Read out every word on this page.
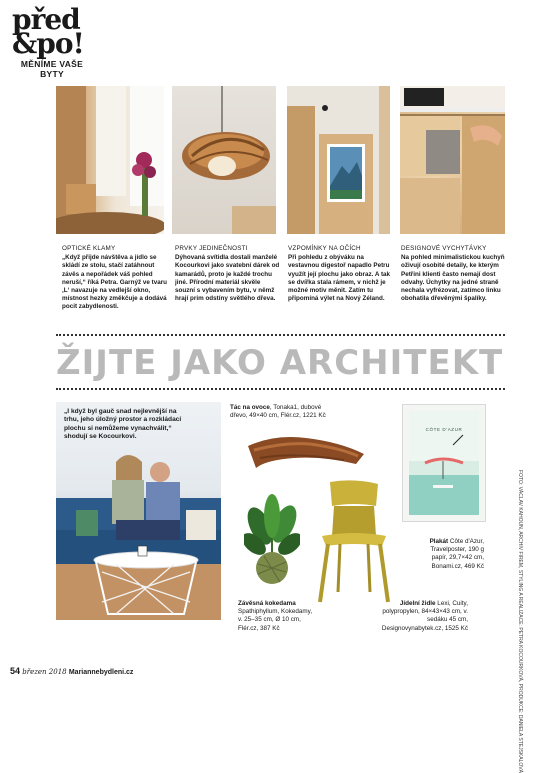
před
&po!
MĚNÍME VAŠE BYTY
OPTICKÉ KLAMY
„Když přijde návštěva a jídlo se skládí ze stolu, stačí zatáhnout závěs a nepořádek váš pohled neruší,“ říká Petra. Garnýž ve tvaru ‚L‘ navazuje na vedlejší okno, místnost hezky změkčuje a dodává pocit zabydlenosti.
PRVKY JEDINEČNOSTI
Dýhovaná svítidla dostali manželé Kocourkovi jako svatební dárek od kamarádů, proto je každé trochu jiné. Přírodní materiál skvěle souzní s vybavením bytu, v němž hrají prim odstíny světlého dřeva.
VZPOMÍNKY NA OČÍCH
Při pohledu z obýváku na vestavnou digestoř napadlo Petru využít její plochu jako obraz. A tak se dvířka stala rámem, v nichž je možné motiv měnit. Zatím tu připomíná výlet na Nový Zéland.
DESIGNOVÉ VYCHYTÁVKY
Na pohled minimalistickou kuchyň oživují osobité detaily, ke kterým Petřini klienti často nemají dost odvahy. Úchytky na jedné straně nechala vyfrézovat, zatímco linku obohatila dřevěnými špalíky.
ŽIJTE JAKO ARCHITEKT
„I když byl gauč snad nejlevnější na trhu, jeho úložný prostor a rozkládací plochu si nemůžeme vynachválit,“ shodují se Kocourkovi.
Tác na ovoce, Tonaka1, dubové dřevo, 49×40 cm, Flér.cz, 1221 Kč
Závěsná kokedama
Spathiphyllum, Kokedamy, v. 25–35 cm, Ø 10 cm, Flér.cz, 387 Kč
Jídelní židle Lexi, Cuity, polypropylen, 84×43×43 cm, v. sedáku 45 cm, Designovynabytek.cz, 1525 Kč
CÔTE D'AZUR
Plakát Côte d'Azur, Travelposter, 190 g papír, 29,7×42 cm, Bonami.cz, 469 Kč	FOTO: VÁCLAV KAHOUN, ARCHIV FIREM, STYLING A REALIZACE: PETRA KOCOURKOVÁ, PRODUKCE: DANIELA STEJSKALOVÁ
54 březen 2018 Mariannebydleni.cz
